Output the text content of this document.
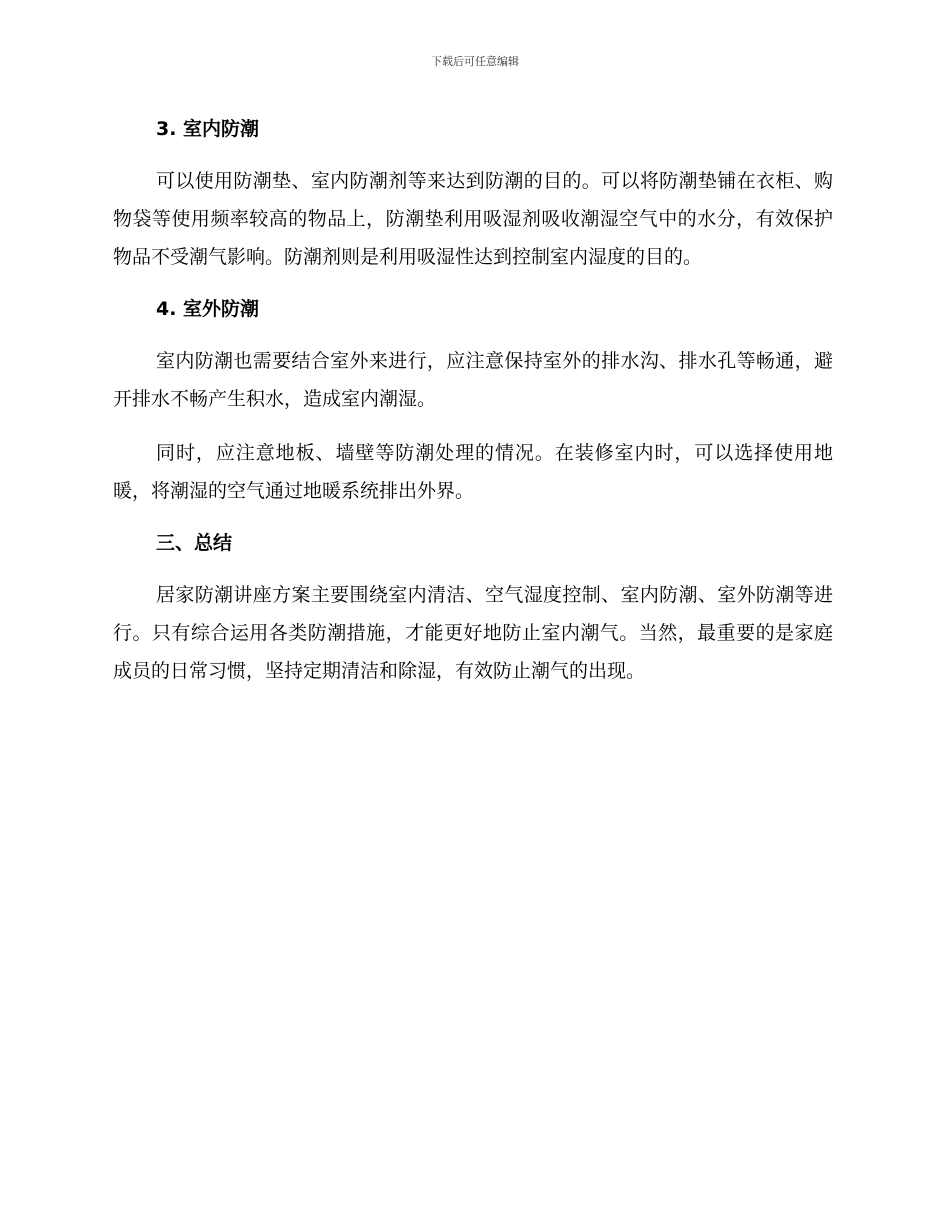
下载后可任意编辑
3. 室内防潮
可以使用防潮垫、室内防潮剂等来达到防潮的目的。可以将防潮垫铺在衣柜、购物袋等使用频率较高的物品上，防潮垫利用吸湿剂吸收潮湿空气中的水分，有效保护物品不受潮气影响。防潮剂则是利用吸湿性达到控制室内湿度的目的。
4. 室外防潮
室内防潮也需要结合室外来进行，应注意保持室外的排水沟、排水孔等畅通，避开排水不畅产生积水，造成室内潮湿。
同时，应注意地板、墙壁等防潮处理的情况。在装修室内时，可以选择使用地暖，将潮湿的空气通过地暖系统排出外界。
三、总结
居家防潮讲座方案主要围绕室内清洁、空气湿度控制、室内防潮、室外防潮等进行。只有综合运用各类防潮措施，才能更好地防止室内潮气。当然，最重要的是家庭成员的日常习惯，坚持定期清洁和除湿，有效防止潮气的出现。
